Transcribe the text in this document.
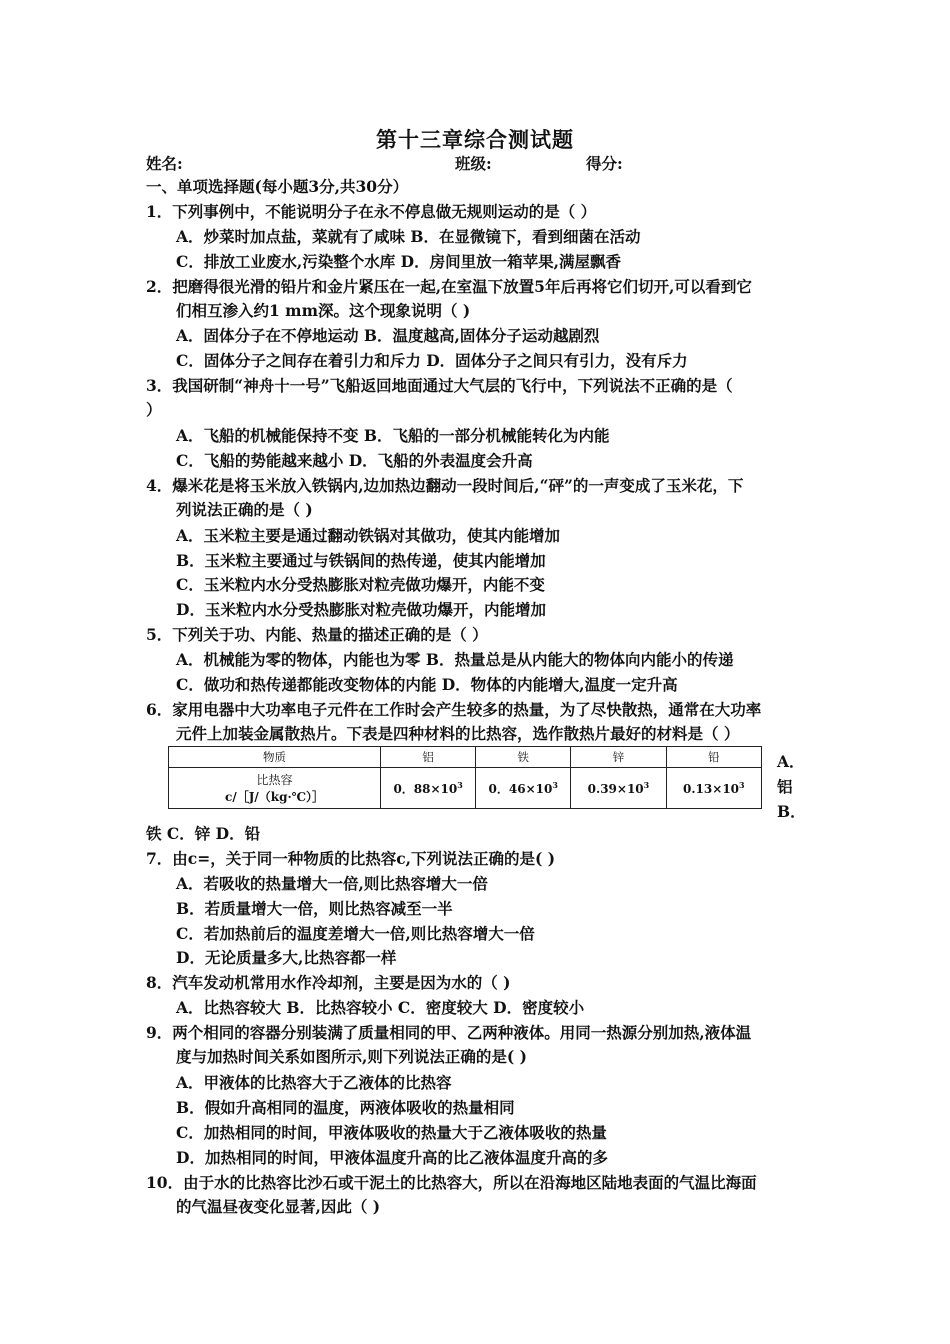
第十三章综合测试题
姓名:	班级:	得分:
一、单项选择题(每小题3分,共30分）
1．下列事例中，不能说明分子在永不停息做无规则运动的是（ ）
A．炒菜时加点盐，菜就有了咸味 B．在显微镜下，看到细菌在活动
C．排放工业废水,污染整个水库 D．房间里放一箱苹果,满屋飘香
2．把磨得很光滑的铅片和金片紧压在一起,在室温下放置5年后再将它们切开,可以看到它
们相互渗入约1 mm深。这个现象说明（ )
A．固体分子在不停地运动 B．温度越高,固体分子运动越剧烈
C．固体分子之间存在着引力和斥力 D．固体分子之间只有引力，没有斥力
3．我国研制“神舟十一号”飞船返回地面通过大气层的飞行中，下列说法不正确的是（
）
A．飞船的机械能保持不变 B．飞船的一部分机械能转化为内能
C．飞船的势能越来越小 D．飞船的外表温度会升高
4．爆米花是将玉米放入铁锅内,边加热边翻动一段时间后,“砰”的一声变成了玉米花，下
列说法正确的是（ )
A．玉米粒主要是通过翻动铁锅对其做功，使其内能增加
B．玉米粒主要通过与铁锅间的热传递，使其内能增加
C．玉米粒内水分受热膨胀对粒壳做功爆开，内能不变
D．玉米粒内水分受热膨胀对粒壳做功爆开，内能增加
5．下列关于功、内能、热量的描述正确的是（ ）
A．机械能为零的物体，内能也为零 B．热量总是从内能大的物体向内能小的传递
C．做功和热传递都能改变物体的内能 D．物体的内能增大,温度一定升高
6．家用电器中大功率电子元件在工作时会产生较多的热量，为了尽快散热，通常在大功率
元件上加装金属散热片。下表是四种材料的比热容，选作散热片最好的材料是（ ）
物质	铝	铁	锌	铅

比热容
c/［J/（kg·℃）］	0．$88\times 10^3$	0．$46\times 10^3$	$0.39\times 10^3$	$0.13\times 10^3$
A．
铝
B．
铁 C．锌 D．铅
7．由c=，关于同一种物质的比热容c,下列说法正确的是( )
A．若吸收的热量增大一倍,则比热容增大一倍
B．若质量增大一倍，则比热容减至一半
C．若加热前后的温度差增大一倍,则比热容增大一倍
D．无论质量多大,比热容都一样
8．汽车发动机常用水作冷却剂，主要是因为水的（ )
A．比热容较大 B．比热容较小 C．密度较大 D．密度较小
9．两个相同的容器分别装满了质量相同的甲、乙两种液体。用同一热源分别加热,液体温
度与加热时间关系如图所示,则下列说法正确的是( )
A．甲液体的比热容大于乙液体的比热容
B．假如升高相同的温度，两液体吸收的热量相同
C．加热相同的时间，甲液体吸收的热量大于乙液体吸收的热量
D．加热相同的时间，甲液体温度升高的比乙液体温度升高的多
10．由于水的比热容比沙石或干泥土的比热容大，所以在沿海地区陆地表面的气温比海面
的气温昼夜变化显著,因此（ )
